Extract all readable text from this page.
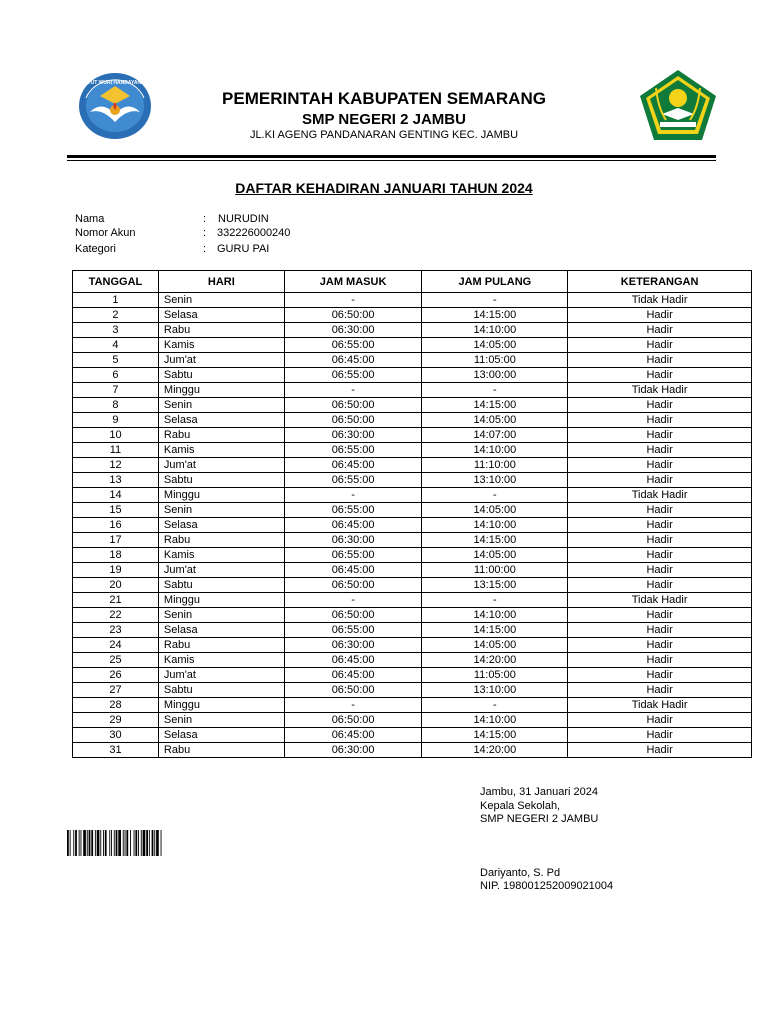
TUT WURI HANDAYANI
PEMERINTAH KABUPATEN SEMARANG
SMP NEGERI 2 JAMBU
JL.KI AGENG PANDANARAN GENTING KEC. JAMBU
DAFTAR KEHADIRAN JANUARI TAHUN 2024
Nama	:	NURUDIN
Nomor Akun	: 332226000240
Kategori	: GURU PAI
TANGGAL	HARI	JAM MASUK	JAM PULANG	KETERANGAN
1	Senin	-	-	Tidak Hadir
2	Selasa	06:50:00	14:15:00	Hadir
3	Rabu	06:30:00	14:10:00	Hadir
4	Kamis	06:55:00	14:05:00	Hadir
5	Jum'at	06:45:00	11:05:00	Hadir
6	Sabtu	06:55:00	13:00:00	Hadir
7	Minggu	-	-	Tidak Hadir
8	Senin	06:50:00	14:15:00	Hadir
9	Selasa	06:50:00	14:05:00	Hadir
10	Rabu	06:30:00	14:07:00	Hadir
11	Kamis	06:55:00	14:10:00	Hadir
12	Jum'at	06:45:00	11:10:00	Hadir
13	Sabtu	06:55:00	13:10:00	Hadir
14	Minggu	-	-	Tidak Hadir
15	Senin	06:55:00	14:05:00	Hadir
16	Selasa	06:45:00	14:10:00	Hadir
17	Rabu	06:30:00	14:15:00	Hadir
18	Kamis	06:55:00	14:05:00	Hadir
19	Jum'at	06:45:00	11:00:00	Hadir
20	Sabtu	06:50:00	13:15:00	Hadir
21	Minggu	-	-	Tidak Hadir
22	Senin	06:50:00	14:10:00	Hadir
23	Selasa	06:55:00	14:15:00	Hadir
24	Rabu	06:30:00	14:05:00	Hadir
25	Kamis	06:45:00	14:20:00	Hadir
26	Jum'at	06:45:00	11:05:00	Hadir
27	Sabtu	06:50:00	13:10:00	Hadir
28	Minggu	-	-	Tidak Hadir
29	Senin	06:50:00	14:10:00	Hadir
30	Selasa	06:45:00	14:15:00	Hadir
31	Rabu	06:30:00	14:20:00	Hadir
Jambu, 31 Januari 2024
Kepala Sekolah,
SMP NEGERI 2 JAMBU
Dariyanto, S. Pd
NIP. 198001252009021004
